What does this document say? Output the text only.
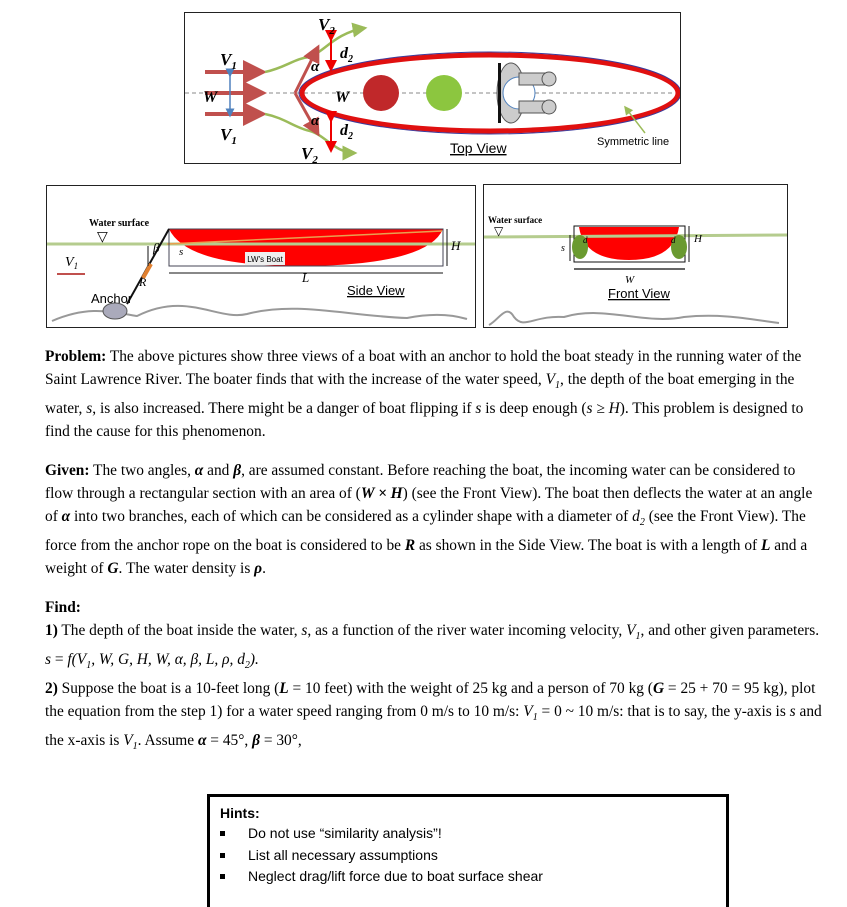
$V_1$
$V_1$
W	W
$V_2$
$V_2$
$d_2$
$d_2$
α
α
Symmetric line
Top View
LW's Boat
Water surface
▽
$V_1$
β s	H
L
R
Anchor
Side View
Water surface
▽
s
H
W
d	d
Front View
Problem: The above pictures show three views of a boat with an anchor to hold the boat steady in the running water of the Saint Lawrence River. The boater finds that with the increase of the water speed, $V_1$, the depth of the boat emerging in the water, s, is also increased. There might be a danger of boat flipping if s is deep enough (s ≥ H). This problem is designed to find the cause for this phenomenon.
Given: The two angles, α and β, are assumed constant. Before reaching the boat, the incoming water can be considered to flow through a rectangular section with an area of (W × H) (see the Front View). The boat then deflects the water at an angle of α into two branches, each of which can be considered as a cylinder shape with a diameter of $d_2$ (see the Front View). The force from the anchor rope on the boat is considered to be R as shown in the Side View. The boat is with a length of L and a weight of G. The water density is ρ.
Find:
1) The depth of the boat inside the water, s, as a function of the river water incoming velocity, $V_1$, and other given parameters. $s = f(V_1$, W, G, H, W, α, β, L, ρ, $d_2$).
2) Suppose the boat is a 10-feet long (L = 10 feet) with the weight of 25 kg and a person of 70 kg (G = 25 + 70 = 95 kg), plot the equation from the step 1) for a water speed ranging from 0 m/s to 10 m/s: $V_1 = 0$ ~ 10 m/s: that is to say, the y-axis is s and the x-axis is $V_1$. Assume α = 45°, β = 30°,
Hints:
Do not use “similarity analysis”!
List all necessary assumptions
Neglect drag/lift force due to boat surface shear
